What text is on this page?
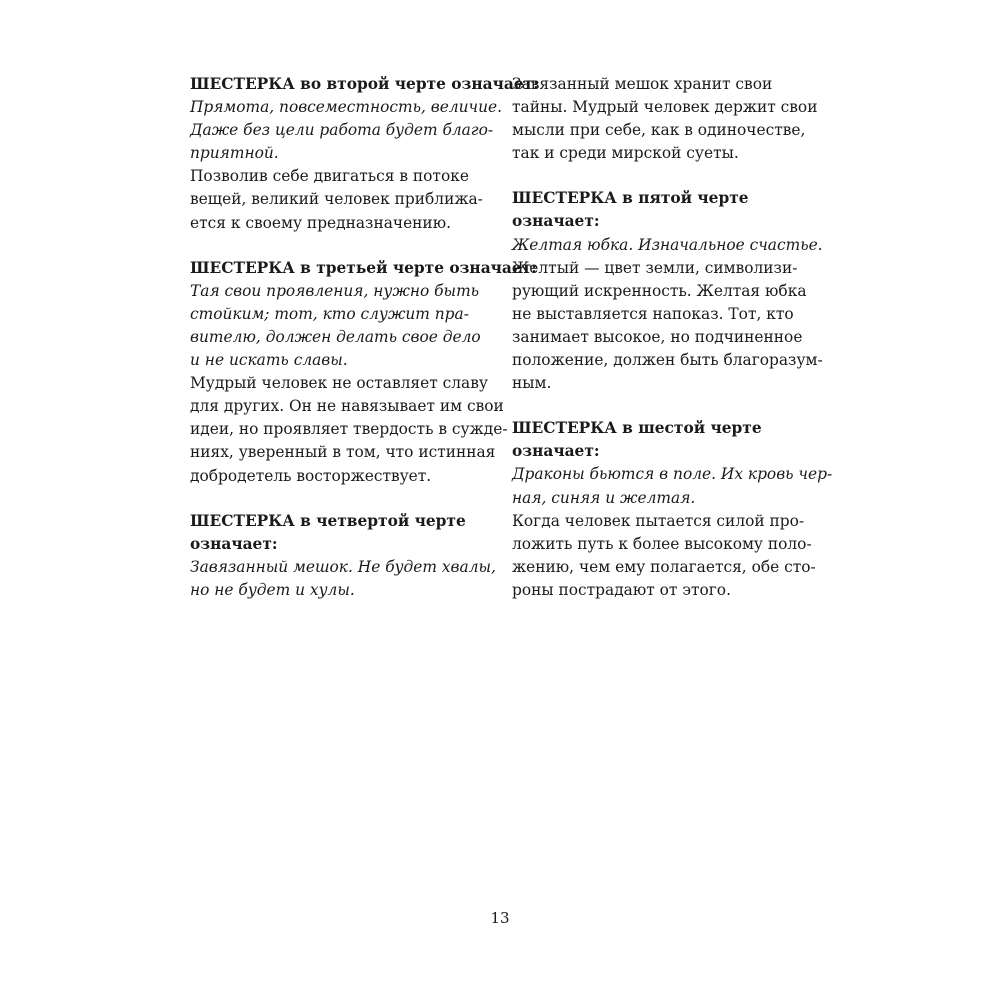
ШЕСТЕРКА во второй черте означает:

Прямота, повсеместность, величие.
Даже без цели работа будет благо-
приятной.

Позволив себе двигаться в потоке
вещей, великий человек приближа-
ется к своему предназначению.

ШЕСТЕРКА в третьей черте означает:

Тая свои проявления, нужно быть
стойким; тот, кто служит пра-
вителю, должен делать свое дело
и не искать славы.

Мудрый человек не оставляет славу
для других. Он не навязывает им свои
идеи, но проявляет твердость в сужде-
ниях, уверенный в том, что истинная
добродетель восторжествует.

ШЕСТЕРКА в четвертой черте
означает:

Завязанный мешок. Не будет хвалы,
но не будет и хулы.

Завязанный мешок хранит свои
тайны. Мудрый человек держит свои
мысли при себе, как в одиночестве,
так и среди мирской суеты.

ШЕСТЕРКА в пятой черте
означает:

Желтая юбка. Изначальное счастье.

Желтый — цвет земли, символизи-
рующий искренность. Желтая юбка
не выставляется напоказ. Тот, кто
занимает высокое, но подчиненное
положение, должен быть благоразум-
ным.

ШЕСТЕРКА в шестой черте
означает:

Драконы бьются в поле. Их кровь чер-
ная, синяя и желтая.

Когда человек пытается силой про-
ложить путь к более высокому поло-
жению, чем ему полагается, обе сто-
роны пострадают от этого.

13
